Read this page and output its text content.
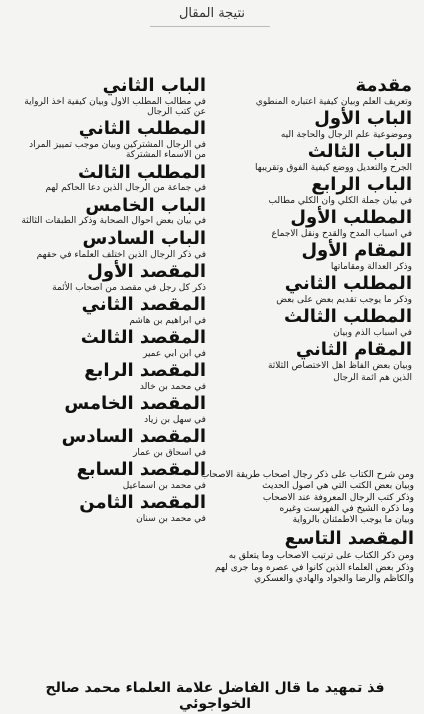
نتيجة المقال
مقدمة
وتعريف العلم وبيان كيفية اعتباره المنطوي
الباب الأول
وموضوعية علم الرجال والحاجة اليه
الباب الثالث
الجرح والتعديل ووضع كيفية الفوق وتقريبها
الباب الرابع
في بيان جملة الكلي وان الكلي مطالب
المطلب الأول
في اسباب المدح والقدح ونقل الاجماع
المقام الأول
وذكر العدالة ومقاماتها
المطلب الثاني
وذكر ما يوجب تقديم بعض على بعض
المطلب الثالث
في اسباب الذم وبيان
المقام الثاني
وبيان بعض الفاظ اهل الاختصاص الثلاثة
الذين هم ائمة الرجال
الباب الثاني
في مطالب المطلب الاول وبيان كيفية اخذ الرواية عن كتب الرجال
المطلب الثاني
في الرجال المشتركين وبيان موجب تمييز المراد من الاسماء المشتركة
المطلب الثالث
في جماعة من الرجال الذين دعا الحاكم لهم
الباب الخامس
في بيان بعض احوال الصحابة وذكر الطبقات الثالثة
الباب السادس
في ذكر الرجال الذين اختلف العلماء في حقهم
المقصد الأول
ذكر كل رجل في مقصد من اصحاب الأئمة
المقصد الثاني
في ابراهيم بن هاشم
المقصد الثالث
في ابن ابي عمير
المقصد الرابع
في محمد بن خالد
المقصد الخامس
في سهل بن زياد
المقصد السادس
في اسحاق بن عمار
المقصد السابع
في محمد بن اسماعيل
المقصد الثامن
في محمد بن سنان
ومن شرح الكتاب على ذكر رجال اصحاب طريقة الاصحاب
وبيان بعض الكتب التي هي اصول الحديث
وذكر كتب الرجال المعروفة عند الاصحاب
وما ذكره الشيخ في الفهرست وغيره
وبيان ما يوجب الاطمئنان بالرواية
المقصد التاسع
ومن ذكر الكتاب على ترتيب الاصحاب وما يتعلق به
وذكر بعض العلماء الذين كانوا في عصره وما جرى لهم
والكاظم والرضا والجواد والهادي والعسكري
فذ تمهيد ما قال الفاضل علامة العلماء محمد صالح الخواجوئي
